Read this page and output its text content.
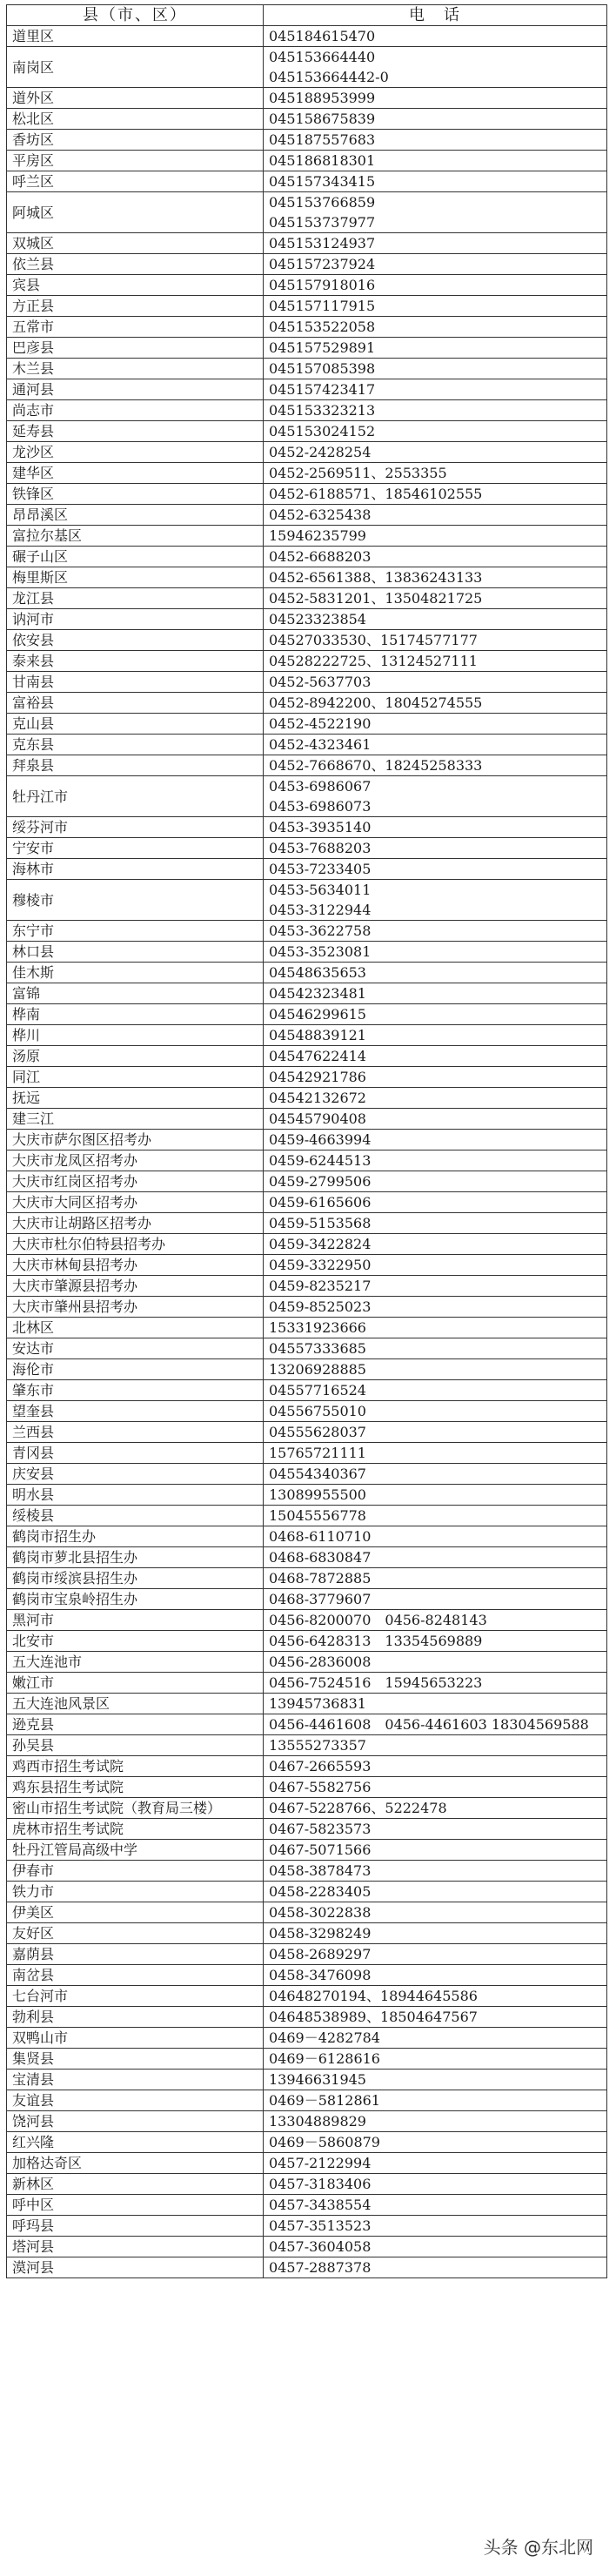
县（市、区）	电　话
道里区	045184615470

南岗区	045153664440
045153664442-0

道外区	045188953999

松北区	045158675839

香坊区	045187557683

平房区	045186818301

呼兰区	045157343415

阿城区	045153766859
045153737977

双城区	045153124937

依兰县	045157237924

宾县	045157918016

方正县	045157117915

五常市	045153522058

巴彦县	045157529891

木兰县	045157085398

通河县	045157423417

尚志市	045153323213

延寿县	045153024152

龙沙区	0452-2428254

建华区	0452-2569511、2553355

铁锋区	0452-6188571、18546102555

昂昂溪区	0452-6325438

富拉尔基区	15946235799

碾子山区	0452-6688203

梅里斯区	0452-6561388、13836243133

龙江县	0452-5831201、13504821725

讷河市	04523323854

依安县	04527033530、15174577177

泰来县	04528222725、13124527111

甘南县	0452-5637703

富裕县	0452-8942200、18045274555

克山县	0452-4522190

克东县	0452-4323461

拜泉县	0452-7668670、18245258333

牡丹江市	0453-6986067
0453-6986073

绥芬河市	0453-3935140

宁安市	0453-7688203

海林市	0453-7233405

穆棱市	0453-5634011
0453-3122944

东宁市	0453-3622758

林口县	0453-3523081

佳木斯	04548635653

富锦	04542323481

桦南	04546299615

桦川	04548839121

汤原	04547622414

同江	04542921786

抚远	04542132672

建三江	04545790408

大庆市萨尔图区招考办	0459-4663994

大庆市龙凤区招考办	0459-6244513

大庆市红岗区招考办	0459-2799506

大庆市大同区招考办	0459-6165606

大庆市让胡路区招考办	0459-5153568

大庆市杜尔伯特县招考办	0459-3422824

大庆市林甸县招考办	0459-3322950

大庆市肇源县招考办	0459-8235217

大庆市肇州县招考办	0459-8525023

北林区	15331923666

安达市	04557333685

海伦市	13206928885

肇东市	04557716524

望奎县	04556755010

兰西县	04555628037

青冈县	15765721111

庆安县	04554340367

明水县	13089955500

绥棱县	15045556778

鹤岗市招生办	0468-6110710

鹤岗市萝北县招生办	0468-6830847

鹤岗市绥滨县招生办	0468-7872885

鹤岗市宝泉岭招生办	0468-3779607

黑河市	0456-8200070　0456-8248143

北安市	0456-6428313　13354569889

五大连池市	0456-2836008

嫩江市	0456-7524516　15945653223

五大连池风景区	13945736831

逊克县	0456-4461608　0456-4461603 18304569588

孙吴县	13555273357

鸡西市招生考试院	0467-2665593

鸡东县招生考试院	0467-5582756

密山市招生考试院（教育局三楼）	0467-5228766、5222478

虎林市招生考试院	0467-5823573

牡丹江管局高级中学	0467-5071566

伊春市	0458-3878473

铁力市	0458-2283405

伊美区	0458-3022838

友好区	0458-3298249

嘉荫县	0458-2689297

南岔县	0458-3476098

七台河市	04648270194、18944645586

勃利县	04648538989、18504647567

双鸭山市	0469－4282784

集贤县	0469－6128616

宝清县	13946631945

友谊县	0469－5812861

饶河县	13304889829

红兴隆	0469－5860879

加格达奇区	0457-2122994

新林区	0457-3183406

呼中区	0457-3438554

呼玛县	0457-3513523

塔河县	0457-3604058

漠河县	0457-2887378
头条 @东北网
